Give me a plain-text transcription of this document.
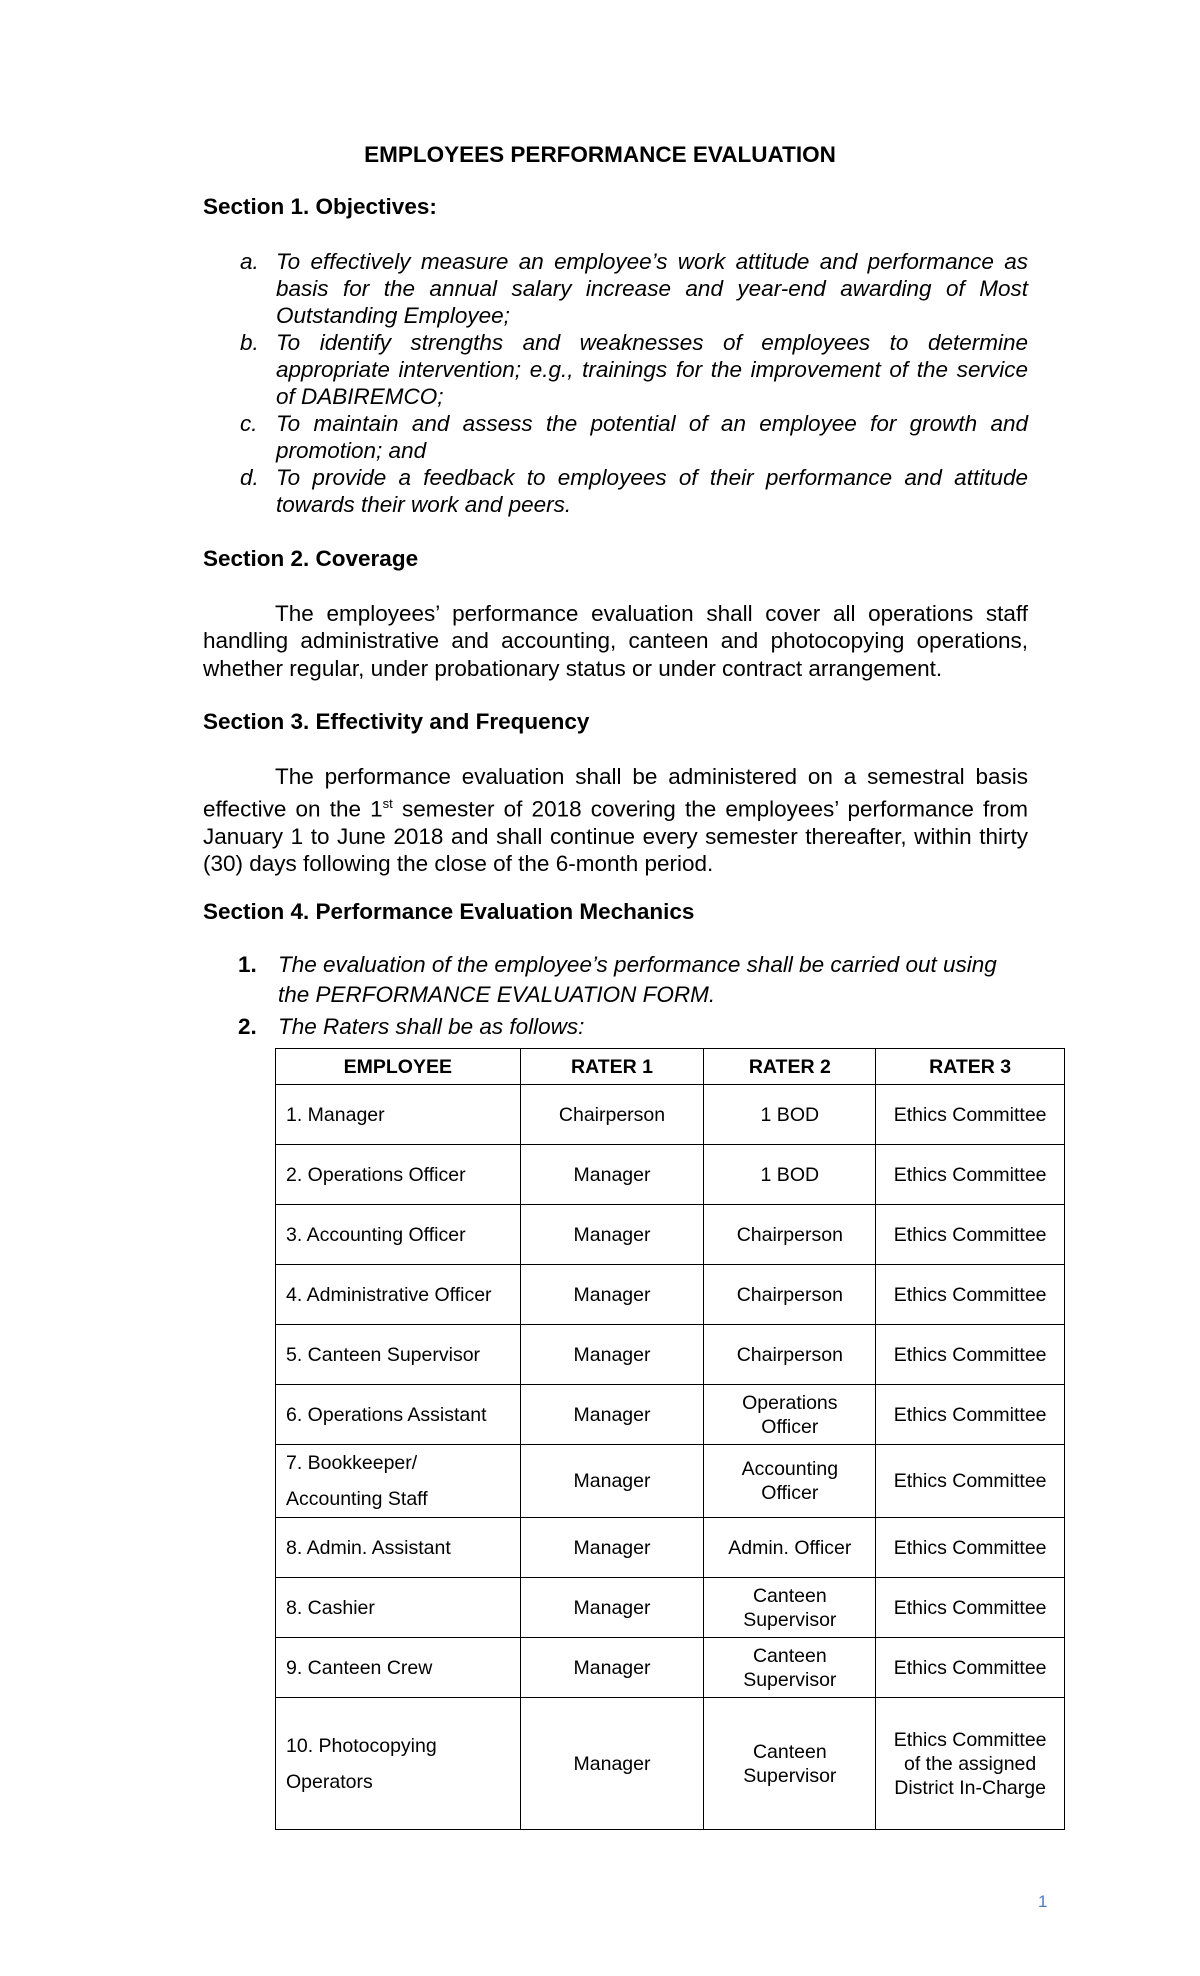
EMPLOYEES PERFORMANCE EVALUATION
Section 1. Objectives:
a. To effectively measure an employee’s work attitude and performance as basis for the annual salary increase and year-end awarding of Most Outstanding Employee;
b. To identify strengths and weaknesses of employees to determine appropriate intervention; e.g., trainings for the improvement of the service of DABIREMCO;
c. To maintain and assess the potential of an employee for growth and promotion; and
d. To provide a feedback to employees of their performance and attitude towards their work and peers.
Section 2. Coverage
The employees’ performance evaluation shall cover all operations staff handling administrative and accounting, canteen and photocopying operations, whether regular, under probationary status or under contract arrangement.
Section 3. Effectivity and Frequency
The performance evaluation shall be administered on a semestral basis effective on the 1st semester of 2018 covering the employees’ performance from January 1 to June 2018 and shall continue every semester thereafter, within thirty (30) days following the close of the 6-month period.
Section 4. Performance Evaluation Mechanics
1. The evaluation of the employee’s performance shall be carried out using
the PERFORMANCE EVALUATION FORM.
2. The Raters shall be as follows:
EMPLOYEE	RATER 1	RATER 2	RATER 3
1. Manager	Chairperson	1 BOD	Ethics Committee
2. Operations Officer	Manager	1 BOD	Ethics Committee
3. Accounting Officer	Manager	Chairperson	Ethics Committee
4. Administrative Officer	Manager	Chairperson	Ethics Committee
5. Canteen Supervisor	Manager	Chairperson	Ethics Committee
6. Operations Assistant	Manager	Operations Officer	Ethics Committee
7. Bookkeeper/ Accounting Staff	Manager	Accounting Officer	Ethics Committee
8. Admin. Assistant	Manager	Admin. Officer	Ethics Committee
8. Cashier	Manager	Canteen Supervisor	Ethics Committee
9. Canteen Crew	Manager	Canteen Supervisor	Ethics Committee
10. Photocopying Operators	Manager	Canteen Supervisor	Ethics Committee of the assigned District In-Charge
1
